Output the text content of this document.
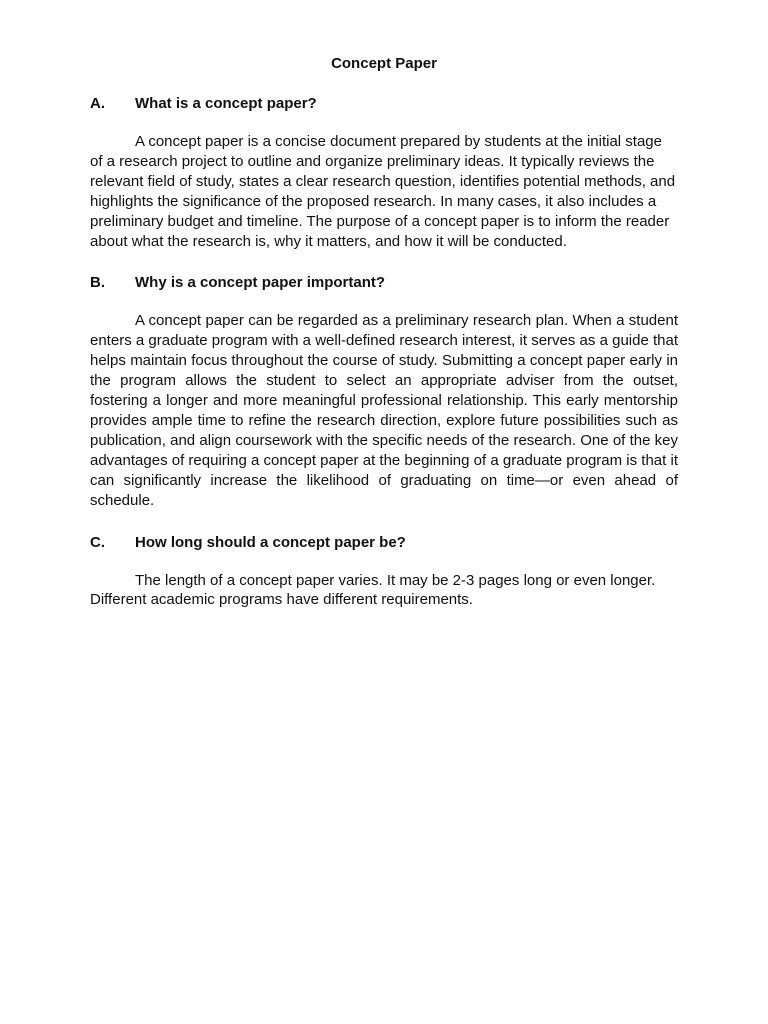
Concept Paper
A.	What is a concept paper?

A concept paper is a concise document prepared by students at the initial stage of a research project to outline and organize preliminary ideas. It typically reviews the relevant field of study, states a clear research question, identifies potential methods, and highlights the significance of the proposed research. In many cases, it also includes a preliminary budget and timeline. The purpose of a concept paper is to inform the reader about what the research is, why it matters, and how it will be conducted.

B.	Why is a concept paper important?

A concept paper can be regarded as a preliminary research plan. When a student enters a graduate program with a well-defined research interest, it serves as a guide that helps maintain focus throughout the course of study. Submitting a concept paper early in the program allows the student to select an appropriate adviser from the outset, fostering a longer and more meaningful professional relationship. This early mentorship provides ample time to refine the research direction, explore future possibilities such as publication, and align coursework with the specific needs of the research. One of the key advantages of requiring a concept paper at the beginning of a graduate program is that it can significantly increase the likelihood of graduating on time—or even ahead of schedule.

C.	How long should a concept paper be?

The length of a concept paper varies. It may be 2-3 pages long or even longer. Different academic programs have different requirements.
